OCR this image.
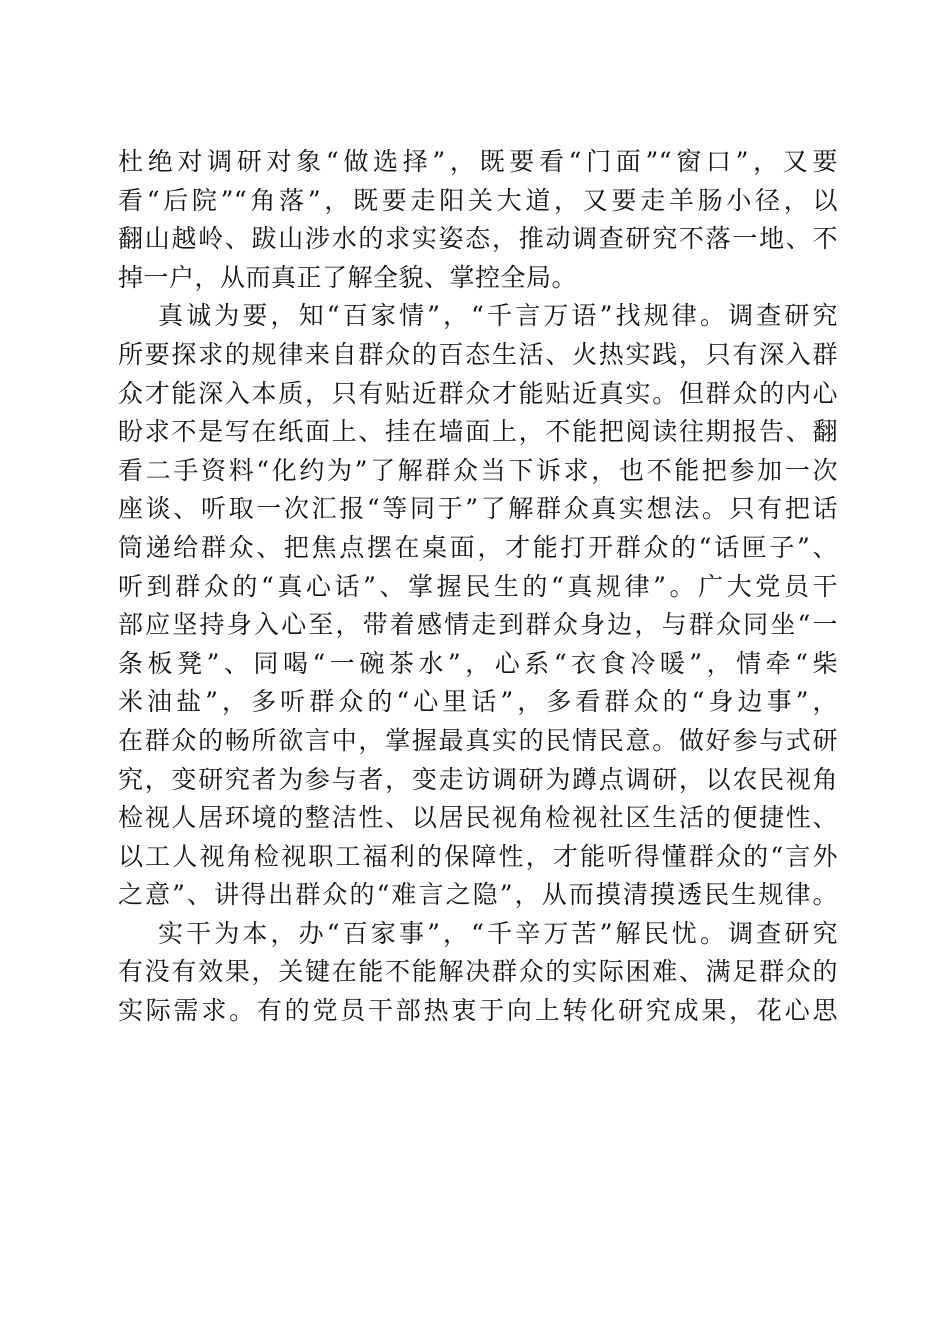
杜绝对调研对象“做选择”，既要看“门面”“窗口”，又要
看“后院”“角落”，既要走阳关大道，又要走羊肠小径，以
翻山越岭、跋山涉水的求实姿态，推动调查研究不落一地、不
掉一户，从而真正了解全貌、掌控全局。
真诚为要，知“百家情”，“千言万语”找规律。调查研究
所要探求的规律来自群众的百态生活、火热实践，只有深入群
众才能深入本质，只有贴近群众才能贴近真实。但群众的内心
盼求不是写在纸面上、挂在墙面上，不能把阅读往期报告、翻
看二手资料“化约为”了解群众当下诉求，也不能把参加一次
座谈、听取一次汇报“等同于”了解群众真实想法。只有把话
筒递给群众、把焦点摆在桌面，才能打开群众的“话匣子”、
听到群众的“真心话”、掌握民生的“真规律”。广大党员干
部应坚持身入心至，带着感情走到群众身边，与群众同坐“一
条板凳”、同喝“一碗茶水”，心系“衣食冷暖”，情牵“柴
米油盐”，多听群众的“心里话”，多看群众的“身边事”，
在群众的畅所欲言中，掌握最真实的民情民意。做好参与式研
究，变研究者为参与者，变走访调研为蹲点调研，以农民视角
检视人居环境的整洁性、以居民视角检视社区生活的便捷性、
以工人视角检视职工福利的保障性，才能听得懂群众的“言外
之意”、讲得出群众的“难言之隐”，从而摸清摸透民生规律。
实干为本，办“百家事”，“千辛万苦”解民忧。调查研究
有没有效果，关键在能不能解决群众的实际困难、满足群众的
实际需求。有的党员干部热衷于向上转化研究成果，花心思
